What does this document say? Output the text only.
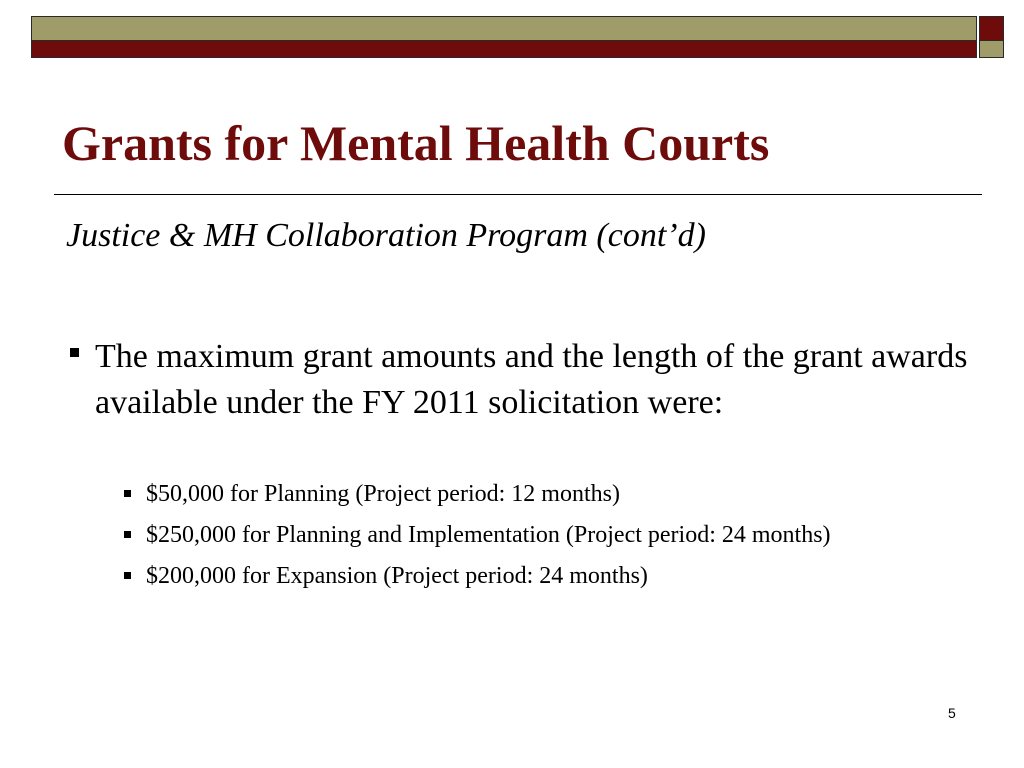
Grants for Mental Health Courts
Justice & MH Collaboration Program (cont’d)
The maximum grant amounts and the length of the grant awards available under the FY 2011 solicitation were:
$50,000 for Planning (Project period: 12 months)
$250,000 for Planning and Implementation (Project period: 24 months)
$200,000 for Expansion (Project period: 24 months)
5
